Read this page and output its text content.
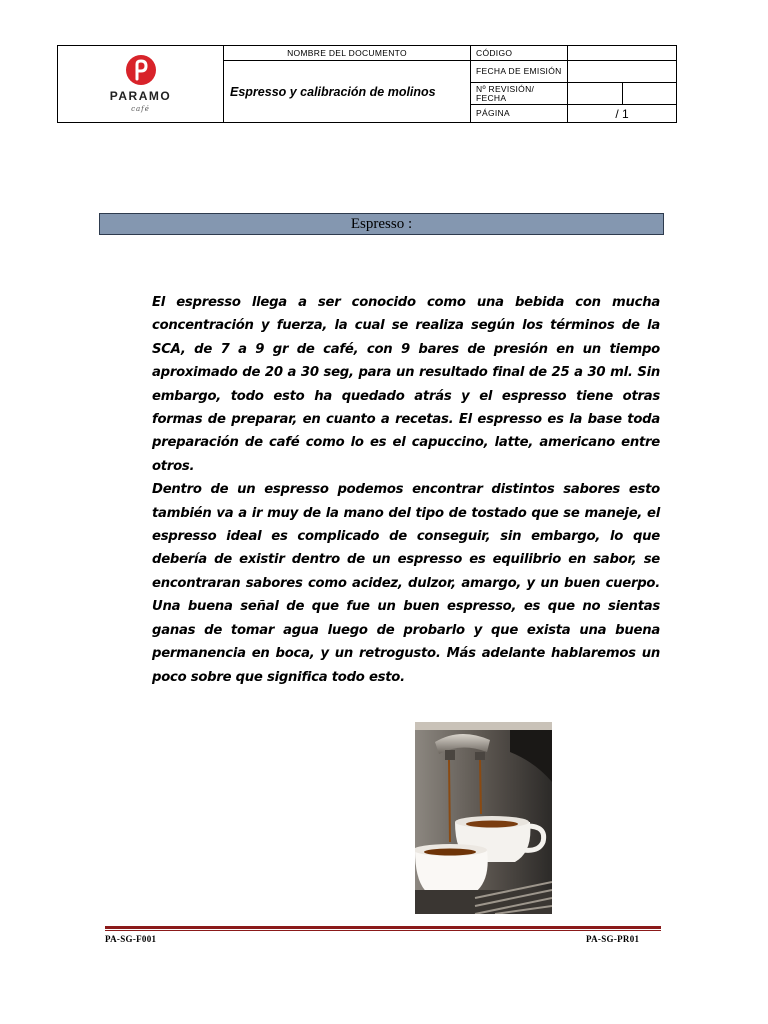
PARAMO
café	NOMBRE DEL DOCUMENTO	CÓDIGO		
	Espresso y calibración de molinos	FECHA DE EMISIÓN		
		Nº REVISIÓN/ FECHA		
		PÁGINA	/ 1	
Espresso :

El espresso llega a ser conocido como una bebida con mucha concentración y fuerza, la cual se realiza según los términos de la SCA, de 7 a 9 gr de café, con 9 bares de presión en un tiempo aproximado de 20 a 30 seg, para un resultado final de 25 a 30 ml. Sin embargo, todo esto ha quedado atrás y el espresso tiene otras formas de preparar, en cuanto a recetas. El espresso es la base toda preparación de café como lo es el capuccino, latte, americano entre otros.

Dentro de un espresso podemos encontrar distintos sabores esto también va a ir muy de la mano del tipo de tostado que se maneje, el espresso ideal es complicado de conseguir, sin embargo, lo que debería de existir dentro de un espresso es equilibrio en sabor, se encontraran sabores como acidez, dulzor, amargo, y un buen cuerpo. Una buena señal de que fue un buen espresso, es que no sientas ganas de tomar agua luego de probarlo y que exista una buena permanencia en boca, y un retrogusto. Más adelante hablaremos un poco sobre que significa todo esto.

PA-SG-F001	PA-SG-PR01
